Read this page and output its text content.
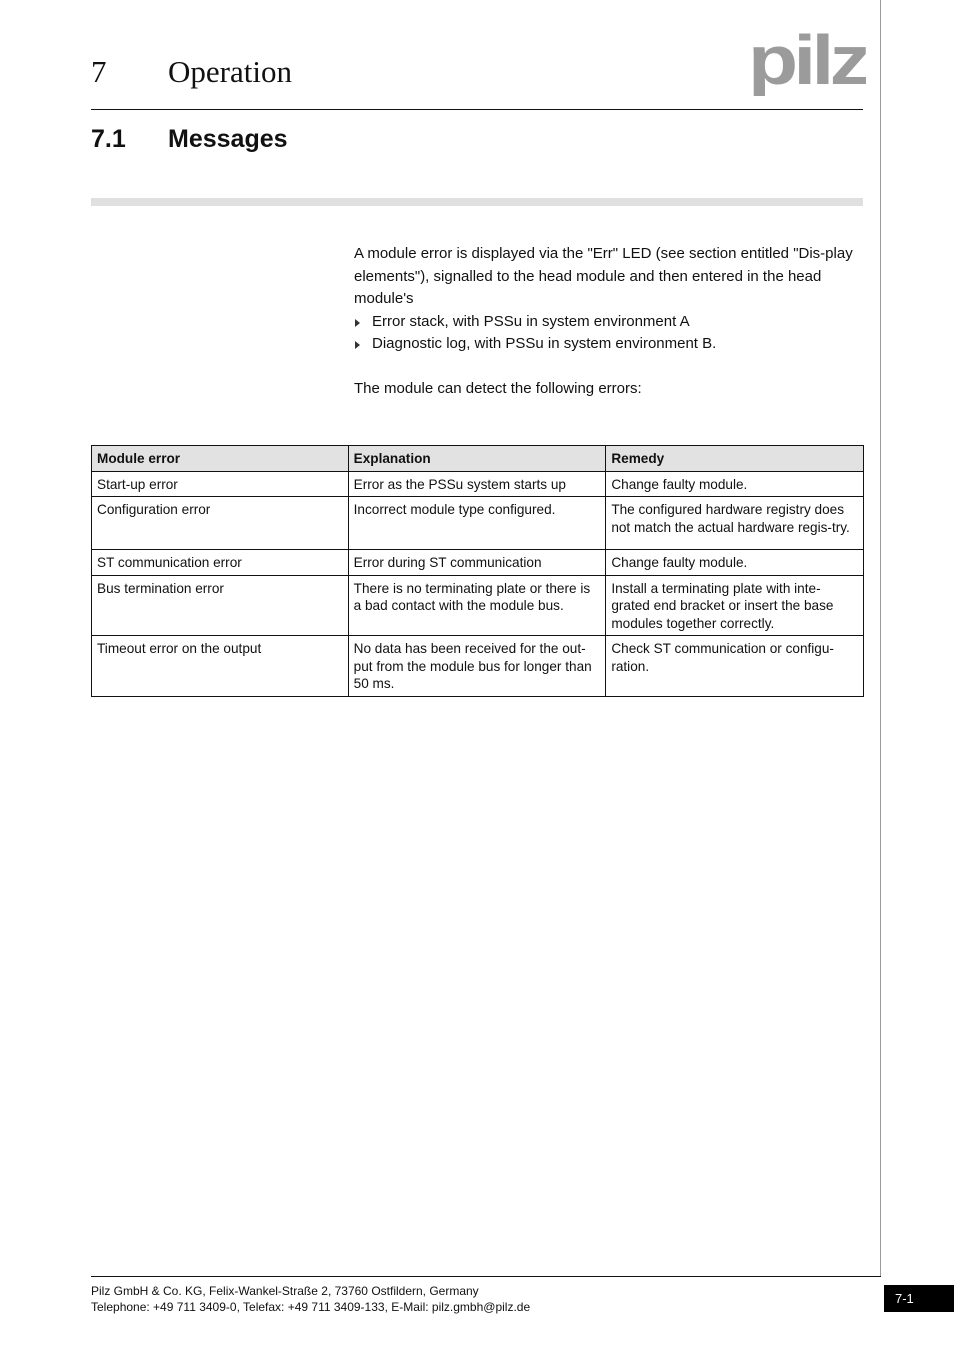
7 Operation	pilz
7.1 Messages

A module error is displayed via the "Err" LED (see section entitled "Dis-play elements"), signalled to the head module and then entered in the head module's

Error stack, with PSSu in system environment A
Diagnostic log, with PSSu in system environment B.

The module can detect the following errors:

Module error	Explanation	Remedy
Start-up error	Error as the PSSu system starts up	Change faulty module.
Configuration error	Incorrect module type configured.	The configured hardware registry does not match the actual hardware regis-try.
ST communication error	Error during ST communication	Change faulty module.
Bus termination error	There is no terminating plate or there is a bad contact with the module bus.	Install a terminating plate with inte-grated end bracket or insert the base modules together correctly.
Timeout error on the output	No data has been received for the out-put from the module bus for longer than 50 ms.	Check ST communication or configu-ration.
Pilz GmbH & Co. KG, Felix-Wankel-Straße 2, 73760 Ostfildern, Germany
Telephone: +49 711 3409-0, Telefax: +49 711 3409-133, E-Mail: pilz.gmbh@pilz.de
7-1
